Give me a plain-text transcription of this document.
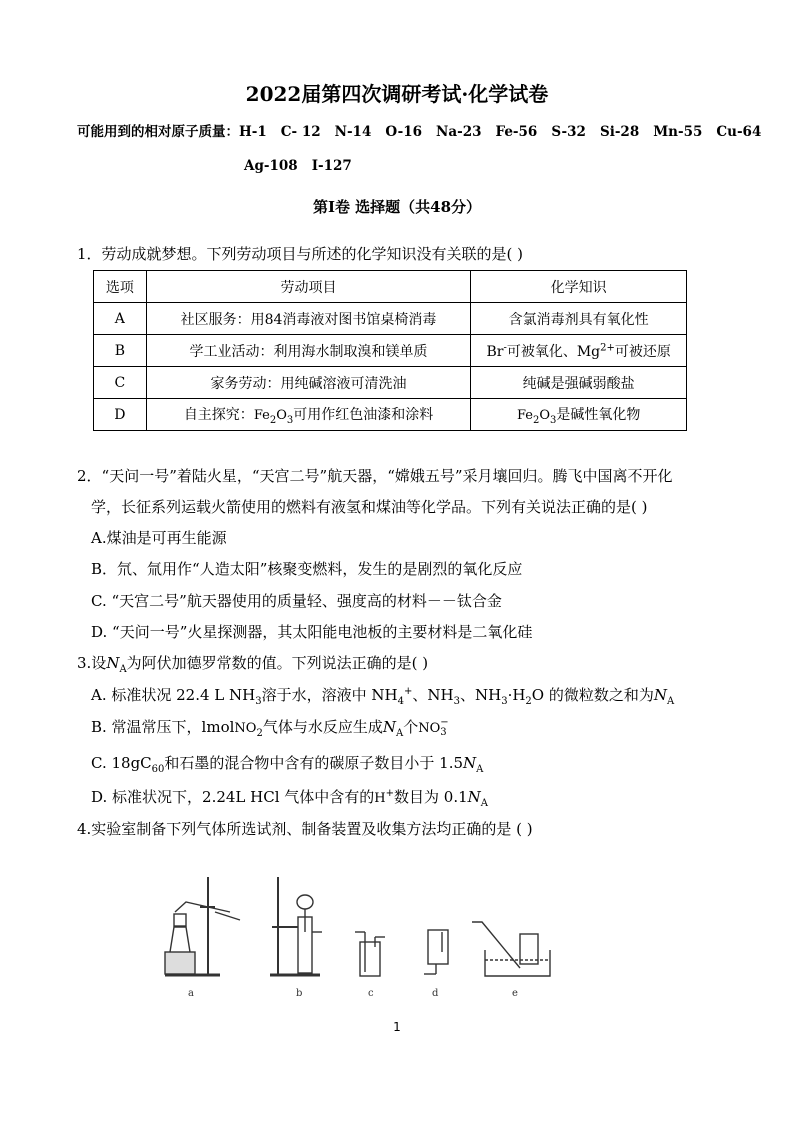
2022届第四次调研考试·化学试卷
可能用到的相对原子质量：H-1 C- 12 N-14 O-16 Na-23 Fe-56 S-32 Si-28 Mn-55 Cu-64
Ag-108 I-127
第Ⅰ卷 选择题（共48分）
1．劳动成就梦想。下列劳动项目与所述的化学知识没有关联的是( )
选项	劳动项目	化学知识
A	社区服务：用84消毒液对图书馆桌椅消毒	含氯消毒剂具有氧化性
B	学工业活动：利用海水制取溴和镁单质	Br-可被氧化、$Mg^{2+}$可被还原
C	家务劳动：用纯碱溶液可清洗油	纯碱是强碱弱酸盐
D	自主探究：$Fe_2O_3$可用作红色油漆和涂料	$Fe_2O_3$是碱性氧化物
2．“天问一号”着陆火星，“天宫二号”航天器，“嫦娥五号”采月壤回归。腾飞中国离不开化
学，长征系列运载火箭使用的燃料有液氢和煤油等化学品。下列有关说法正确的是( )
A.煤油是可再生能源
B．氘、氚用作“人造太阳”核聚变燃料，发生的是剧烈的氧化反应
C. “天宫二号”航天器使用的质量轻、强度高的材料－－钛合金
D. “天问一号”火星探测器，其太阳能电池板的主要材料是二氧化硅
3.设$N_A$为阿伏加德罗常数的值。下列说法正确的是( )
A. 标准状况 22.4 L $NH_3$溶于水，溶液中 $NH_4^+$、$NH_3$、$NH_3\cdot H_2O$ 的微粒数之和为$N_A$
B. 常温常压下，lmolNO$_2$气体与水反应生成$N_A$个NO −
3
C. $18gC_{60}$和石墨的混合物中含有的碳原子数目小于 $1.5N_A$
D. 标准状况下，2.24L HCl 气体中含有的H+数目为 $0.1N_A$
4.实验室制备下列气体所选试剂、制备装置及收集方法均正确的是 ( )
a	b	c	d	e
1
